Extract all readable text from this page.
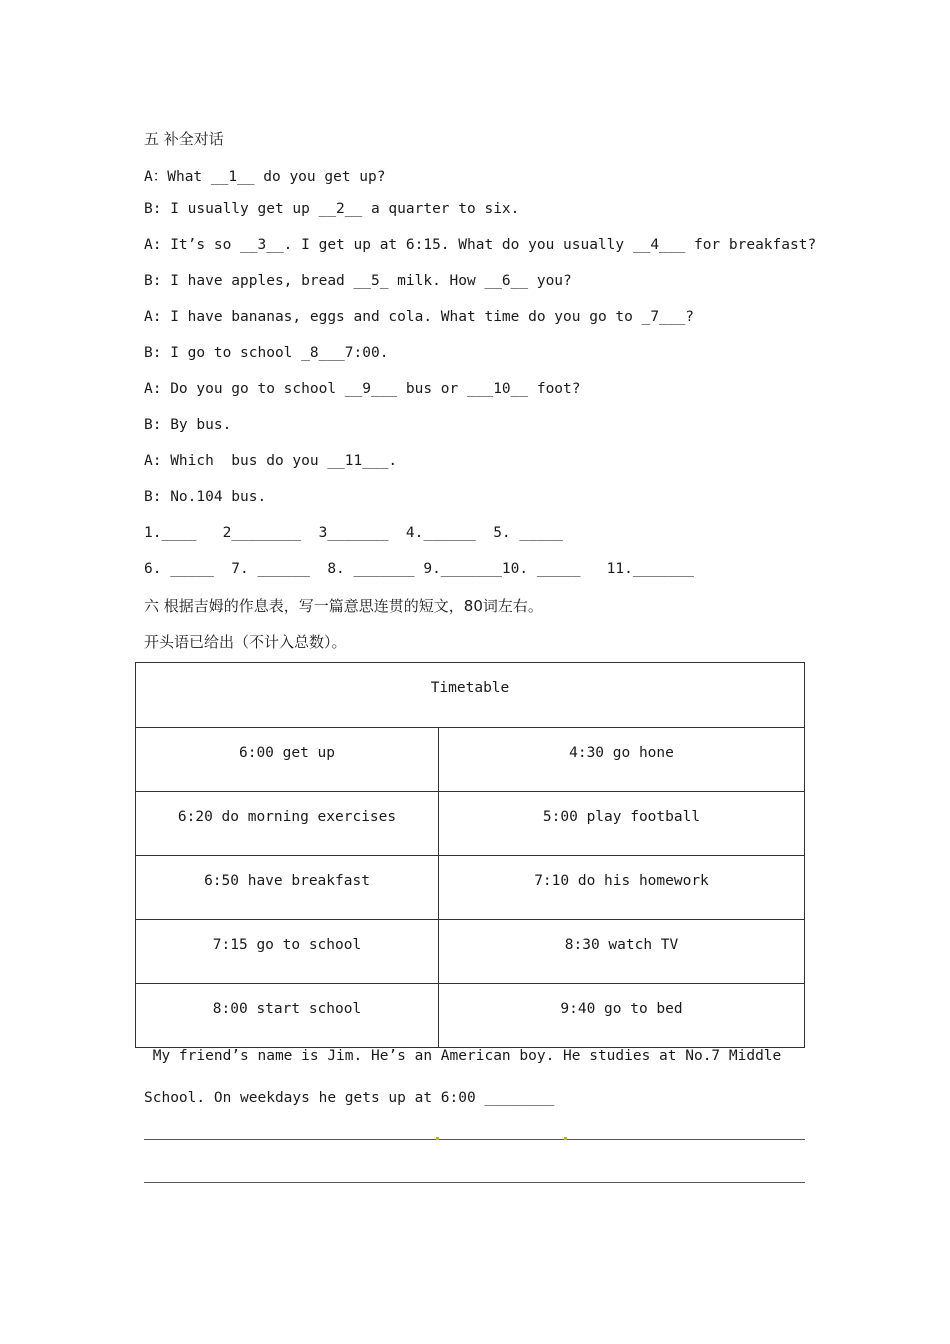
五 补全对话
A：What __1__ do you get up?
B: I usually get up __2__ a quarter to six.
A: It’s so __3__. I get up at 6:15. What do you usually __4___ for breakfast?
B: I have apples, bread __5_ milk. How __6__ you?
A: I have bananas, eggs and cola. What time do you go to _7___?
B: I go to school _8___7:00.
A: Do you go to school __9___ bus or ___10__ foot?
B: By bus.
A: Which  bus do you __11___.
B: No.104 bus.
1.____   2________  3_______  4.______  5. _____
6. _____  7. ______  8. _______ 9._______10. _____   11._______
六 根据吉姆的作息表，写一篇意思连贯的短文，80词左右。
开头语已给出（不计入总数）。
Timetable	
6:00 get up	4:30 go hone
6:20 do morning exercises	5:00 play football
6:50 have breakfast	7:10 do his homework
7:15 go to school	8:30 watch TV
8:00 start school	9:40 go to bed
My friend’s name is Jim. He’s an American boy. He studies at No.7 Middle
School. On weekdays he gets up at 6:00 ________
